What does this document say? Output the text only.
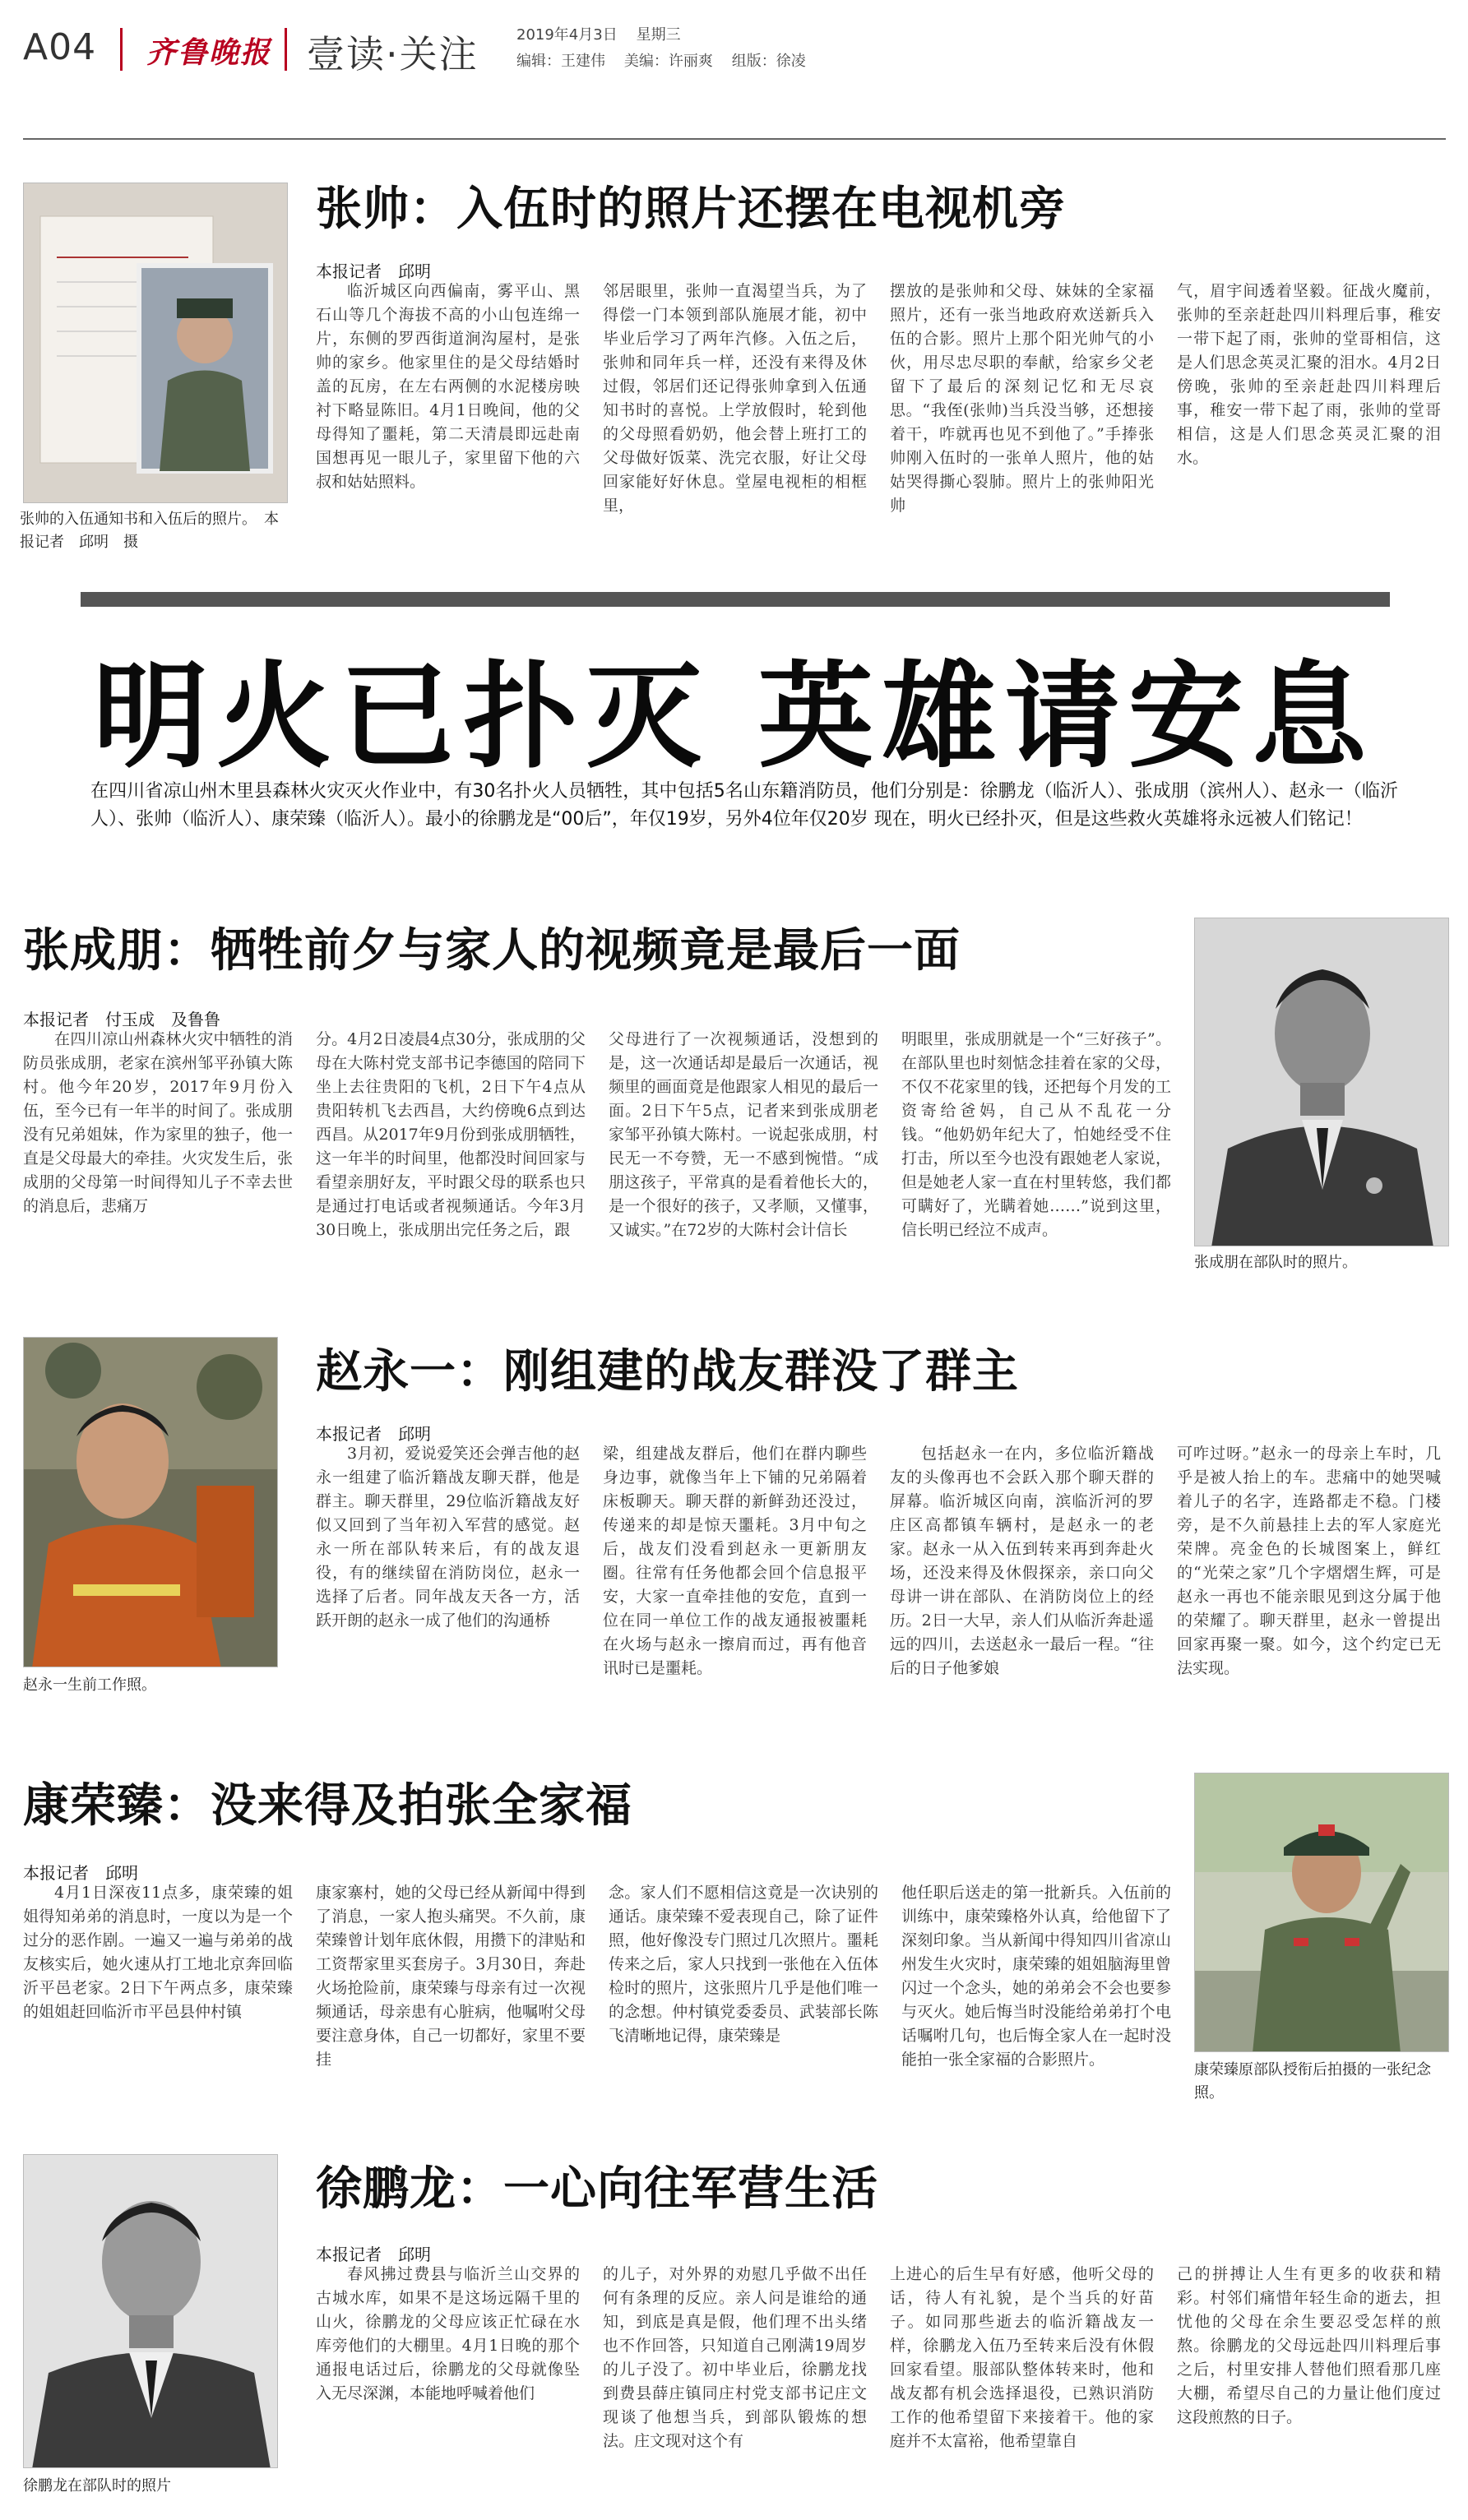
A04 齐鲁晚报 壹读·关注	2019年4月3日 星期三
编辑：王建伟 美编：许丽爽 组版：徐凌
张帅的入伍通知书和入伍后的照片。　本报记者　邱明　摄
张帅：入伍时的照片还摆在电视机旁
本报记者　邱明

临沂城区向西偏南，雾平山、黑石山等几个海拔不高的小山包连绵一片，东侧的罗西街道涧沟屋村，是张帅的家乡。他家里住的是父母结婚时盖的瓦房，在左右两侧的水泥楼房映衬下略显陈旧。4月1日晚间，他的父母得知了噩耗，第二天清晨即远赴南国想再见一眼儿子，家里留下他的六叔和姑姑照料。

邻居眼里，张帅一直渴望当兵，为了得偿一门本领到部队施展才能，初中毕业后学习了两年汽修。入伍之后，张帅和同年兵一样，还没有来得及休过假，邻居们还记得张帅拿到入伍通知书时的喜悦。上学放假时，轮到他的父母照看奶奶，他会替上班打工的父母做好饭菜、洗完衣服，好让父母回家能好好休息。堂屋电视柜的相框里，

摆放的是张帅和父母、妹妹的全家福照片，还有一张当地政府欢送新兵入伍的合影。照片上那个阳光帅气的小伙，用尽忠尽职的奉献，给家乡父老留下了最后的深刻记忆和无尽哀思。“我侄(张帅)当兵没当够，还想接着干，咋就再也见不到他了。”手捧张帅刚入伍时的一张单人照片，他的姑姑哭得撕心裂肺。照片上的张帅阳光帅

气，眉宇间透着坚毅。征战火魔前，张帅的至亲赶赴四川料理后事，稚安一带下起了雨，张帅的堂哥相信，这是人们思念英灵汇聚的泪水。4月2日傍晚，张帅的至亲赶赴四川料理后事，稚安一带下起了雨，张帅的堂哥相信，这是人们思念英灵汇聚的泪水。

明火已扑灭 英雄请安息
在四川省凉山州木里县森林火灾灭火作业中，有30名扑火人员牺牲，其中包括5名山东籍消防员，他们分别是：徐鹏龙（临沂人）、张成朋（滨州人）、赵永一（临沂人）、张帅（临沂人）、康荣臻（临沂人）。最小的徐鹏龙是“00后”，年仅19岁，另外4位年仅20岁 现在，明火已经扑灭，但是这些救火英雄将永远被人们铭记！
张成朋：牺牲前夕与家人的视频竟是最后一面
本报记者　付玉成　及鲁鲁

在四川凉山州森林火灾中牺牲的消防员张成朋，老家在滨州邹平孙镇大陈村。他今年20岁，2017年9月份入伍，至今已有一年半的时间了。张成朋没有兄弟姐妹，作为家里的独子，他一直是父母最大的牵挂。火灾发生后，张成朋的父母第一时间得知儿子不幸去世的消息后，悲痛万

分。4月2日凌晨4点30分，张成朋的父母在大陈村党支部书记李德国的陪同下坐上去往贵阳的飞机，2日下午4点从贵阳转机飞去西昌，大约傍晚6点到达西昌。从2017年9月份到张成朋牺牲，这一年半的时间里，他都没时间回家与看望亲朋好友，平时跟父母的联系也只是通过打电话或者视频通话。今年3月30日晚上，张成朋出完任务之后，跟

父母进行了一次视频通话，没想到的是，这一次通话却是最后一次通话，视频里的画面竟是他跟家人相见的最后一面。2日下午5点，记者来到张成朋老家邹平孙镇大陈村。一说起张成朋，村民无一不夸赞，无一不感到惋惜。“成朋这孩子，平常真的是看着他长大的，是一个很好的孩子，又孝顺，又懂事，又诚实。”在72岁的大陈村会计信长

明眼里，张成朋就是一个“三好孩子”。在部队里也时刻惦念挂着在家的父母，不仅不花家里的钱，还把每个月发的工资寄给爸妈，自己从不乱花一分钱。“他奶奶年纪大了，怕她经受不住打击，所以至今也没有跟她老人家说，但是她老人家一直在村里转悠，我们都可瞒好了，光瞒着她……”说到这里，信长明已经泣不成声。

张成朋在部队时的照片。
赵永一生前工作照。
赵永一：刚组建的战友群没了群主
本报记者　邱明

3月初，爱说爱笑还会弹吉他的赵永一组建了临沂籍战友聊天群，他是群主。聊天群里，29位临沂籍战友好似又回到了当年初入军营的感觉。赵永一所在部队转来后，有的战友退役，有的继续留在消防岗位，赵永一选择了后者。同年战友天各一方，活跃开朗的赵永一成了他们的沟通桥

梁，组建战友群后，他们在群内聊些身边事，就像当年上下铺的兄弟隔着床板聊天。聊天群的新鲜劲还没过，传递来的却是惊天噩耗。3月中旬之后，战友们没看到赵永一更新朋友圈。往常有任务他都会回个信息报平安，大家一直牵挂他的安危，直到一位在同一单位工作的战友通报被噩耗在火场与赵永一擦肩而过，再有他音讯时已是噩耗。

包括赵永一在内，多位临沂籍战友的头像再也不会跃入那个聊天群的屏幕。临沂城区向南，滨临沂河的罗庄区高都镇车辆村，是赵永一的老家。赵永一从入伍到转来再到奔赴火场，还没来得及休假探亲，亲口向父母讲一讲在部队、在消防岗位上的经历。2日一大早，亲人们从临沂奔赴遥远的四川，去送赵永一最后一程。“往后的日子他爹娘

可咋过呀。”赵永一的母亲上车时，几乎是被人抬上的车。悲痛中的她哭喊着儿子的名字，连路都走不稳。门楼旁，是不久前悬挂上去的军人家庭光荣牌。亮金色的长城图案上，鲜红的“光荣之家”几个字熠熠生辉，可是赵永一再也不能亲眼见到这分属于他的荣耀了。聊天群里，赵永一曾提出回家再聚一聚。如今，这个约定已无法实现。

康荣臻：没来得及拍张全家福
本报记者　邱明

4月1日深夜11点多，康荣臻的姐姐得知弟弟的消息时，一度以为是一个过分的恶作剧。一遍又一遍与弟弟的战友核实后，她火速从打工地北京奔回临沂平邑老家。2日下午两点多，康荣臻的姐姐赶回临沂市平邑县仲村镇

康家寨村，她的父母已经从新闻中得到了消息，一家人抱头痛哭。不久前，康荣臻曾计划年底休假，用攒下的津贴和工资帮家里买套房子。3月30日，奔赴火场抢险前，康荣臻与母亲有过一次视频通话，母亲患有心脏病，他嘱咐父母要注意身体，自己一切都好，家里不要挂

念。家人们不愿相信这竟是一次诀别的通话。康荣臻不爱表现自己，除了证件照，他好像没专门照过几次照片。噩耗传来之后，家人只找到一张他在入伍体检时的照片，这张照片几乎是他们唯一的念想。仲村镇党委委员、武装部长陈飞清晰地记得，康荣臻是

他任职后送走的第一批新兵。入伍前的训练中，康荣臻格外认真，给他留下了深刻印象。当从新闻中得知四川省凉山州发生火灾时，康荣臻的姐姐脑海里曾闪过一个念头，她的弟弟会不会也要参与灭火。她后悔当时没能给弟弟打个电话嘱咐几句，也后悔全家人在一起时没能拍一张全家福的合影照片。

康荣臻原部队授衔后拍摄的一张纪念照。
徐鹏龙在部队时的照片
徐鹏龙：一心向往军营生活
本报记者　邱明

春风拂过费县与临沂兰山交界的古城水库，如果不是这场远隔千里的山火，徐鹏龙的父母应该正忙碌在水库旁他们的大棚里。4月1日晚的那个通报电话过后，徐鹏龙的父母就像坠入无尽深渊，本能地呼喊着他们

的儿子，对外界的劝慰几乎做不出任何有条理的反应。亲人问是谁给的通知，到底是真是假，他们理不出头绪也不作回答，只知道自己刚满19周岁的儿子没了。初中毕业后，徐鹏龙找到费县薛庄镇同庄村党支部书记庄文现谈了他想当兵，到部队锻炼的想法。庄文现对这个有

上进心的后生早有好感，他听父母的话，待人有礼貌，是个当兵的好苗子。如同那些逝去的临沂籍战友一样，徐鹏龙入伍乃至转来后没有休假回家看望。服部队整体转来时，他和战友都有机会选择退役，已熟识消防工作的他希望留下来接着干。他的家庭并不太富裕，他希望靠自

己的拼搏让人生有更多的收获和精彩。村邻们痛惜年轻生命的逝去，担忧他的父母在余生要忍受怎样的煎熬。徐鹏龙的父母远赴四川料理后事之后，村里安排人替他们照看那几座大棚，希望尽自己的力量让他们度过这段煎熬的日子。
